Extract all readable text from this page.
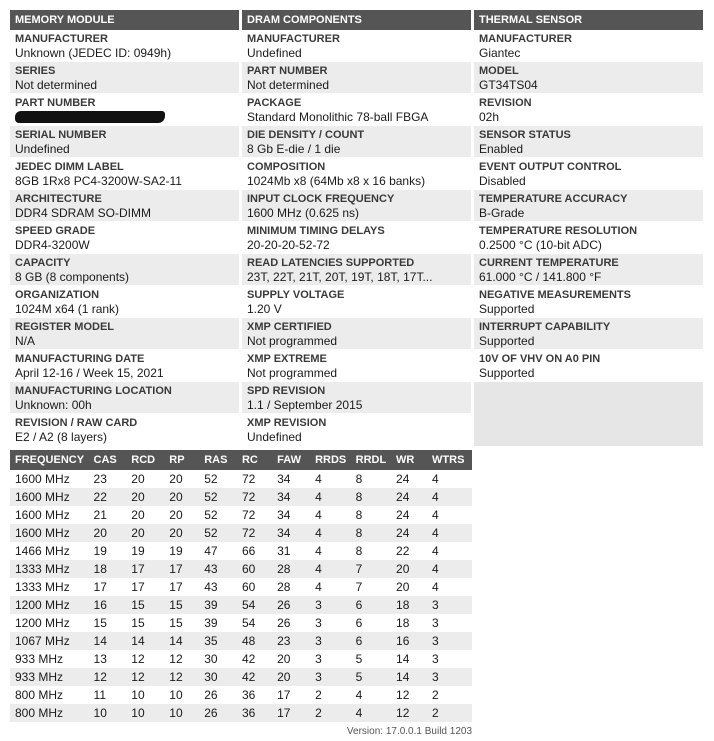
MEMORY MODULE
MANUFACTURER
Unknown (JEDEC ID: 0949h)
SERIES
Not determined
PART NUMBER
SERIAL NUMBER
Undefined
JEDEC DIMM LABEL
8GB 1Rx8 PC4-3200W-SA2-11
ARCHITECTURE
DDR4 SDRAM SO-DIMM
SPEED GRADE
DDR4-3200W
CAPACITY
8 GB (8 components)
ORGANIZATION
1024M x64 (1 rank)
REGISTER MODEL
N/A
MANUFACTURING DATE
April 12-16 / Week 15, 2021
MANUFACTURING LOCATION
Unknown: 00h
REVISION / RAW CARD
E2 / A2 (8 layers)
DRAM COMPONENTS
MANUFACTURER
Undefined
PART NUMBER
Not determined
PACKAGE
Standard Monolithic 78-ball FBGA
DIE DENSITY / COUNT
8 Gb E-die / 1 die
COMPOSITION
1024Mb x8 (64Mb x8 x 16 banks)
INPUT CLOCK FREQUENCY
1600 MHz (0.625 ns)
MINIMUM TIMING DELAYS
20-20-20-52-72
READ LATENCIES SUPPORTED
23T, 22T, 21T, 20T, 19T, 18T, 17T...
SUPPLY VOLTAGE
1.20 V
XMP CERTIFIED
Not programmed
XMP EXTREME
Not programmed
SPD REVISION
1.1 / September 2015
XMP REVISION
Undefined
THERMAL SENSOR
MANUFACTURER
Giantec
MODEL
GT34TS04
REVISION
02h
SENSOR STATUS
Enabled
EVENT OUTPUT CONTROL
Disabled
TEMPERATURE ACCURACY
B-Grade
TEMPERATURE RESOLUTION
0.2500 °C (10-bit ADC)
CURRENT TEMPERATURE
61.000 °C / 141.800 °F
NEGATIVE MEASUREMENTS
Supported
INTERRUPT CAPABILITY
Supported
10V OF VHV ON A0 PIN
Supported
FREQUENCY	CAS	RCD	RP	RAS	RC	FAW	RRDS	RRDL	WR	WTRS
1600 MHz	23	20	20	52	72	34	4	8	24	4
1600 MHz	22	20	20	52	72	34	4	8	24	4
1600 MHz	21	20	20	52	72	34	4	8	24	4
1600 MHz	20	20	20	52	72	34	4	8	24	4
1466 MHz	19	19	19	47	66	31	4	8	22	4
1333 MHz	18	17	17	43	60	28	4	7	20	4
1333 MHz	17	17	17	43	60	28	4	7	20	4
1200 MHz	16	15	15	39	54	26	3	6	18	3
1200 MHz	15	15	15	39	54	26	3	6	18	3
1067 MHz	14	14	14	35	48	23	3	6	16	3
933 MHz	13	12	12	30	42	20	3	5	14	3
933 MHz	12	12	12	30	42	20	3	5	14	3
800 MHz	11	10	10	26	36	17	2	4	12	2
800 MHz	10	10	10	26	36	17	2	4	12	2
Version: 17.0.0.1 Build 1203
